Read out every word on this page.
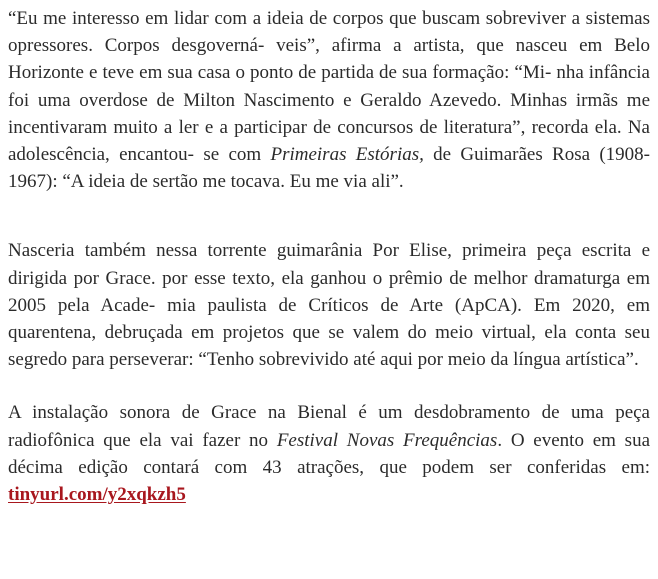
“Eu me interesso em lidar com a ideia de corpos que buscam sobreviver a sistemas opressores. Corpos desgoverná- veis”, afirma a artista, que nasceu em Belo Horizonte e teve em sua casa o ponto de partida de sua formação: “Mi- nha infância foi uma overdose de Milton Nascimento e Geraldo Azevedo. Minhas irmãs me incentivaram muito a ler e a participar de concursos de literatura”, recorda ela. Na adolescência, encantou- se com Primeiras Estórias, de Guimarães Rosa (1908-1967): “A ideia de sertão me tocava. Eu me via ali”.

Nasceria também nessa torrente guimarânia Por Elise, primeira peça escrita e dirigida por Grace. por esse texto, ela ganhou o prêmio de melhor dramaturga em 2005 pela Acade- mia paulista de Críticos de Arte (ApCA). Em 2020, em quarentena, debruçada em projetos que se valem do meio virtual, ela conta seu segredo para perseverar: “Tenho sobrevivido até aqui por meio da língua artística”.

A instalação sonora de Grace na Bienal é um desdobramento de uma peça radiofônica que ela vai fazer no Festival Novas Frequências. O evento em sua décima edição contará com 43 atrações, que podem ser conferidas em: tinyurl.com/y2xqkzh5
